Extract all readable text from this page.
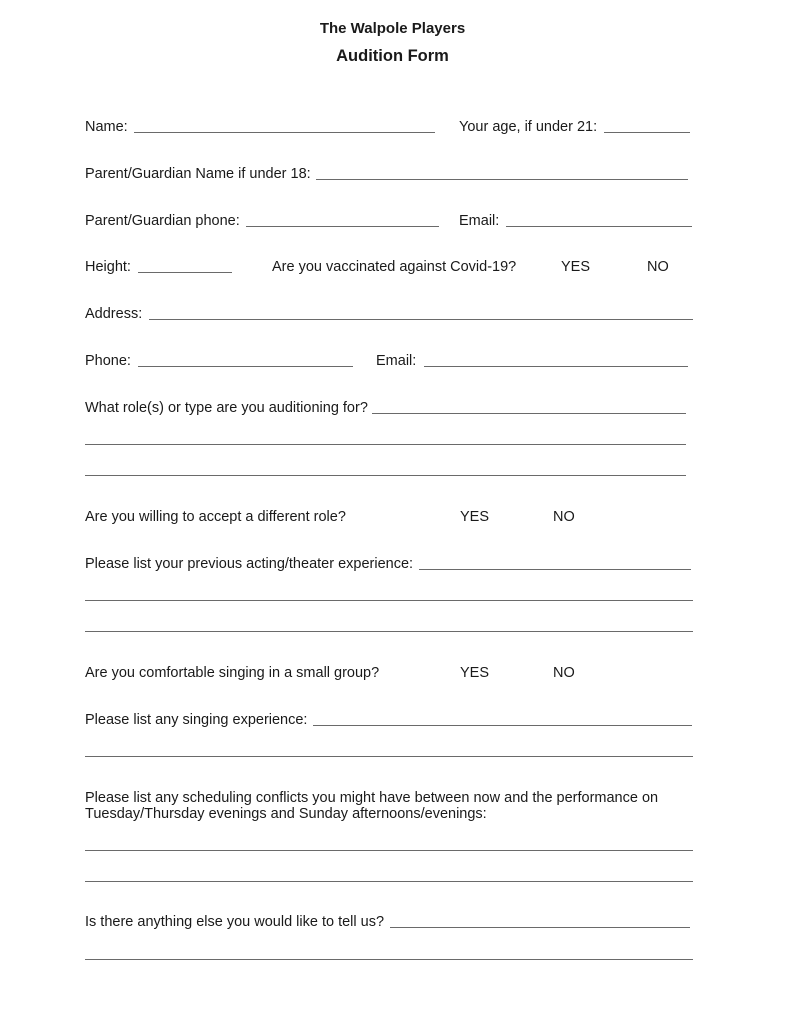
The Walpole Players
Audition Form
Name:	Your age, if under 21:
Parent/Guardian Name if under 18:
Parent/Guardian phone:	Email:
Height:	Are you vaccinated against Covid-19?	YES	NO
Address:
Phone:	Email:
What role(s) or type are you auditioning for?
Are you willing to accept a different role?	YES	NO
Please list your previous acting/theater experience:
Are you comfortable singing in a small group?	YES	NO
Please list any singing experience:
Please list any scheduling conflicts you might have between now and the performance on
Tuesday/Thursday evenings and Sunday afternoons/evenings:
Is there anything else you would like to tell us?
